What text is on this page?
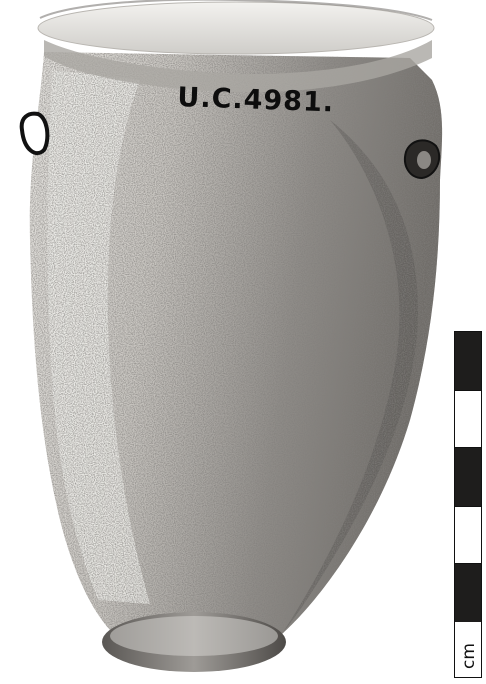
U.C.4981.
cm
